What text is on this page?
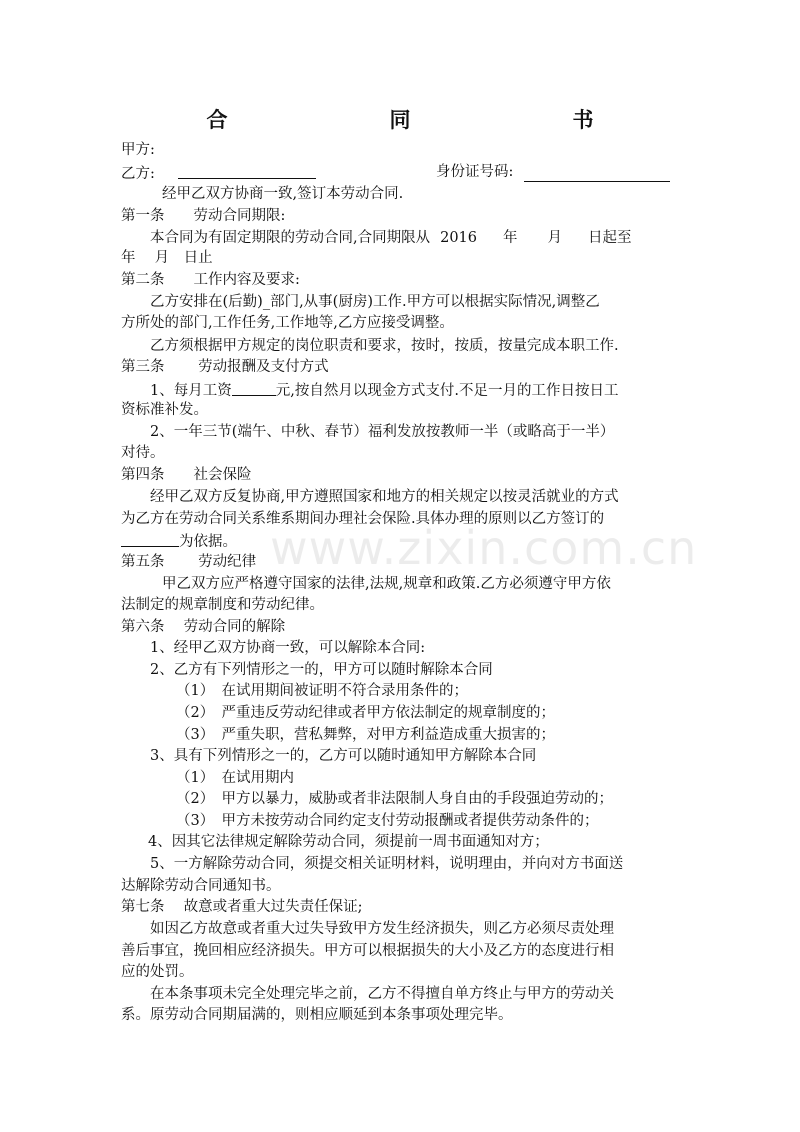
合　　同　　书
甲方:
乙方:	身份证号码:
经甲乙双方协商一致,签订本劳动合同.
第一条　　劳动合同期限:
本合同为有固定期限的劳动合同,合同期限从 2016 年 月 日起至
年　 月　日止
第二条　　工作内容及要求:
乙方安排在(后勤)_部门,从事(厨房)工作.甲方可以根据实际情况,调整乙
方所处的部门,工作任务,工作地等,乙方应接受调整。
乙方须根据甲方规定的岗位职责和要求，按时，按质，按量完成本职工作.
第三条　　 劳动报酬及支付方式
1、每月工资	元,按自然月以现金方式支付.不足一月的工作日按日工
资标准补发。
2、一年三节(端午、中秋、春节）福利发放按教师一半（或略高于一半）
对待。
第四条　　社会保险
经甲乙双方反复协商,甲方遵照国家和地方的相关规定以按灵活就业的方式
为乙方在劳动合同关系维系期间办理社会保险.具体办理的原则以乙方签订的
为依据。
第五条　　 劳动纪律
甲乙双方应严格遵守国家的法律,法规,规章和政策.乙方必须遵守甲方依
法制定的规章制度和劳动纪律。
第六条　 劳动合同的解除
1、经甲乙双方协商一致，可以解除本合同:
2、乙方有下列情形之一的，甲方可以随时解除本合同
（1）　在试用期间被证明不符合录用条件的；
（2）　严重违反劳动纪律或者甲方依法制定的规章制度的；
（3）　严重失职，营私舞弊，对甲方利益造成重大损害的；
3、具有下列情形之一的，乙方可以随时通知甲方解除本合同
（1）　在试用期内
（2）　甲方以暴力，威胁或者非法限制人身自由的手段强迫劳动的；
（3）　甲方未按劳动合同约定支付劳动报酬或者提供劳动条件的；
4、因其它法律规定解除劳动合同，须提前一周书面通知对方；
5、一方解除劳动合同，须提交相关证明材料，说明理由，并向对方书面送
达解除劳动合同通知书。
第七条　 故意或者重大过失责任保证;
如因乙方故意或者重大过失导致甲方发生经济损失，则乙方必须尽责处理
善后事宜，挽回相应经济损失。甲方可以根据损失的大小及乙方的态度进行相
应的处罚。
在本条事项未完全处理完毕之前，乙方不得擅自单方终止与甲方的劳动关
系。原劳动合同期届满的，则相应顺延到本条事项处理完毕。
www.zixin.com.cn
